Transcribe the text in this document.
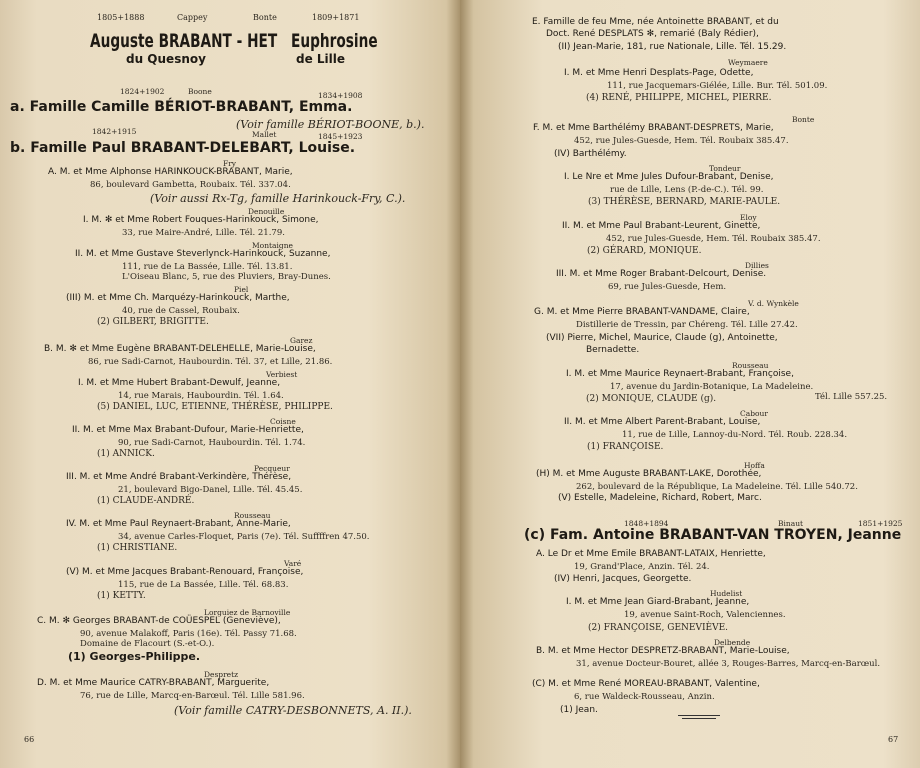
1805+1888	Cappey	Bonte	1809+1871
Auguste BRABANT - HET Euphrosine
du Quesnoy	de Lille
1824+1902	Boone	1834+1908
a. Famille Camille BÉRIOT-BRABANT, Emma.
(Voir famille BÉRIOT-BOONE, b.).
1842+1915	Mallet	1845+1923
b. Famille Paul BRABANT-DELEBART, Louise.
Fry
A. M. et Mme Alphonse HARINKOUCK-BRABANT, Marie,
86, boulevard Gambetta, Roubaix. Tél. 337.04.
(Voir aussi Rx-Tg, famille Harinkouck-Fry, C.).
Denouille
I. M. ✻ et Mme Robert Fouques-Harinkouck, Simone,
33, rue Maire-André, Lille. Tél. 21.79.
Montaigne
II. M. et Mme Gustave Steverlynck-Harinkouck, Suzanne,
111, rue de La Bassée, Lille. Tél. 13.81.
L'Oiseau Blanc, 5, rue des Pluviers, Bray-Dunes.
Piel
(III) M. et Mme Ch. Marquézy-Harinkouck, Marthe,
40, rue de Cassel, Roubaix.
(2) GILBERT, BRIGITTE.
Garez
B. M. ✻ et Mme Eugène BRABANT-DELEHELLE, Marie-Louise,
86, rue Sadi-Carnot, Haubourdin. Tél. 37, et Lille, 21.86.
Verbiest
I. M. et Mme Hubert Brabant-Dewulf, Jeanne,
14, rue Marais, Haubourdin. Tél. 1.64.
(5) DANIEL, LUC, ETIENNE, THÉRÈSE, PHILIPPE.
Coisne
II. M. et Mme Max Brabant-Dufour, Marie-Henriette,
90, rue Sadi-Carnot, Haubourdin. Tél. 1.74.
(1) ANNICK.
Pecqueur
III. M. et Mme André Brabant-Verkindère, Thérèse,
21, boulevard Bigo-Danel, Lille. Tél. 45.45.
(1) CLAUDE-ANDRÉ.
Rousseau
IV. M. et Mme Paul Reynaert-Brabant, Anne-Marie,
34, avenue Carles-Floquet, Paris (7e). Tél. Suffffren 47.50.
(1) CHRISTIANE.
Varé
(V) M. et Mme Jacques Brabant-Renouard, Françoise,
115, rue de La Bassée, Lille. Tél. 68.83.
(1) KETTY.
Lorguiez de Barnoville
C. M. ✻ Georges BRABANT-de COÜESPEL (Geneviève),
90, avenue Malakoff, Paris (16e). Tél. Passy 71.68.
Domaine de Flacourt (S.-et-O.).
(1) Georges-Philippe.
Despretz
D. M. et Mme Maurice CATRY-BRABANT, Marguerite,
76, rue de Lille, Marcq-en-Barœul. Tél. Lille 581.96.
(Voir famille CATRY-DESBONNETS, A. II.).
66
E. Famille de feu Mme, née Antoinette BRABANT, et du
Doct. René DESPLATS ✻, remarié (Baly Rédier),
(II) Jean-Marie, 181, rue Nationale, Lille. Tél. 15.29.
Weymaere
I. M. et Mme Henri Desplats-Page, Odette,
111, rue Jacquemars-Giélée, Lille. Bur. Tél. 501.09.
(4) RENÉ, PHILIPPE, MICHEL, PIERRE.
Bonte
F. M. et Mme Barthélémy BRABANT-DESPRETS, Marie,
452, rue Jules-Guesde, Hem. Tél. Roubaix 385.47.
(IV) Barthélémy.
Tondeur
I. Le Nre et Mme Jules Dufour-Brabant, Denise,
rue de Lille, Lens (P.-de-C.). Tél. 99.
(3) THÉRÈSE, BERNARD, MARIE-PAULE.
Eloy
II. M. et Mme Paul Brabant-Leurent, Ginette,
452, rue Jules-Guesde, Hem. Tél. Roubaix 385.47.
(2) GÉRARD, MONIQUE.
Dillies
III. M. et Mme Roger Brabant-Delcourt, Denise.
69, rue Jules-Guesde, Hem.
V. d. Wynkèle
G. M. et Mme Pierre BRABANT-VANDAME, Claire,
Distillerie de Tressin, par Chéreng. Tél. Lille 27.42.
(VII) Pierre, Michel, Maurice, Claude (g), Antoinette,
Bernadette.
Rousseau
I. M. et Mme Maurice Reynaert-Brabant, Françoise,
17, avenue du Jardin-Botanique, La Madeleine.
Tél. Lille 557.25.
(2) MONIQUE, CLAUDE (g).
Cabour
II. M. et Mme Albert Parent-Brabant, Louise,
11, rue de Lille, Lannoy-du-Nord. Tél. Roub. 228.34.
(1) FRANÇOISE.
Hoffa
(H) M. et Mme Auguste BRABANT-LAKE, Dorothée,
262, boulevard de la République, La Madeleine. Tél. Lille 540.72.
(V) Estelle, Madeleine, Richard, Robert, Marc.
1848+1894	Binaut	1851+1925
(c) Fam. Antoine BRABANT-VAN TROYEN, Jeanne
A. Le Dr et Mme Emile BRABANT-LATAIX, Henriette,
19, Grand'Place, Anzin. Tél. 24.
(IV) Henri, Jacques, Georgette.
Hudelist
I. M. et Mme Jean Giard-Brabant, Jeanne,
19, avenue Saint-Roch, Valenciennes.
(2) FRANÇOISE, GENEVIÈVE.
Delbende
B. M. et Mme Hector DESPRETZ-BRABANT, Marie-Louise,
31, avenue Docteur-Bouret, allée 3, Rouges-Barres, Marcq-en-Barœul.
(C) M. et Mme René MOREAU-BRABANT, Valentine,
6, rue Waldeck-Rousseau, Anzin.
(1) Jean.
67
